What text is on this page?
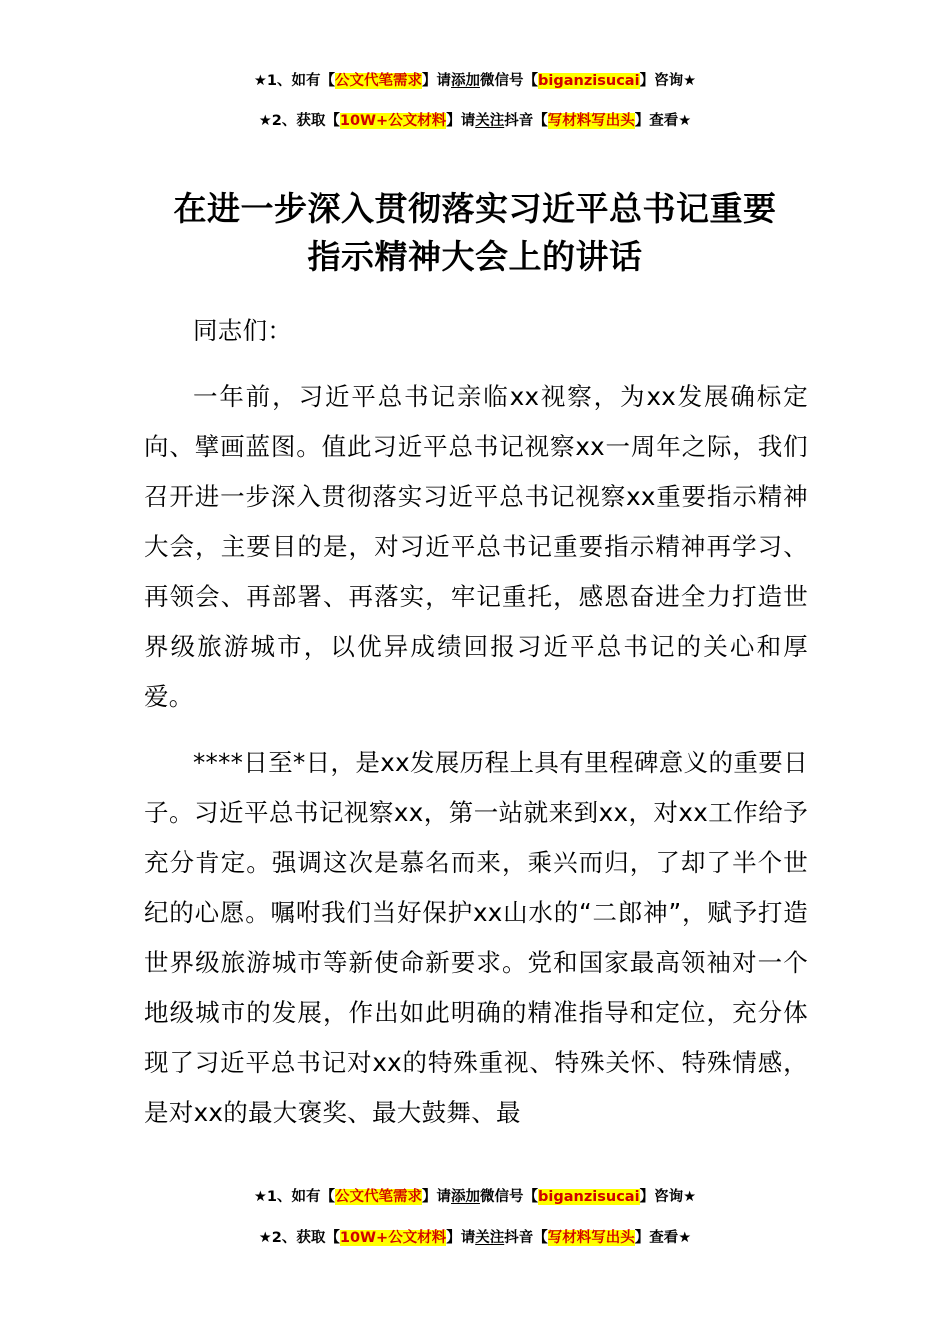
★1、如有【公文代笔需求】请添加微信号【biganzisucai】咨询★
★2、获取【10W+公文材料】请关注抖音【写材料写出头】查看★
在进一步深入贯彻落实习近平总书记重要
指示精神大会上的讲话

同志们：

一年前，习近平总书记亲临xx视察，为xx发展确标定向、擘画蓝图。值此习近平总书记视察xx一周年之际，我们召开进一步深入贯彻落实习近平总书记视察xx重要指示精神大会，主要目的是，对习近平总书记重要指示精神再学习、再领会、再部署、再落实，牢记重托，感恩奋进全力打造世界级旅游城市，以优异成绩回报习近平总书记的关心和厚爱。

****日至*日，是xx发展历程上具有里程碑意义的重要日子。习近平总书记视察xx，第一站就来到xx，对xx工作给予充分肯定。强调这次是慕名而来，乘兴而归，了却了半个世纪的心愿。嘱咐我们当好保护xx山水的“二郎神”，赋予打造世界级旅游城市等新使命新要求。党和国家最高领袖对一个地级城市的发展，作出如此明确的精准指导和定位，充分体现了习近平总书记对xx的特殊重视、特殊关怀、特殊情感，是对xx的最大褒奖、最大鼓舞、最

★1、如有【公文代笔需求】请添加微信号【biganzisucai】咨询★
★2、获取【10W+公文材料】请关注抖音【写材料写出头】查看★
